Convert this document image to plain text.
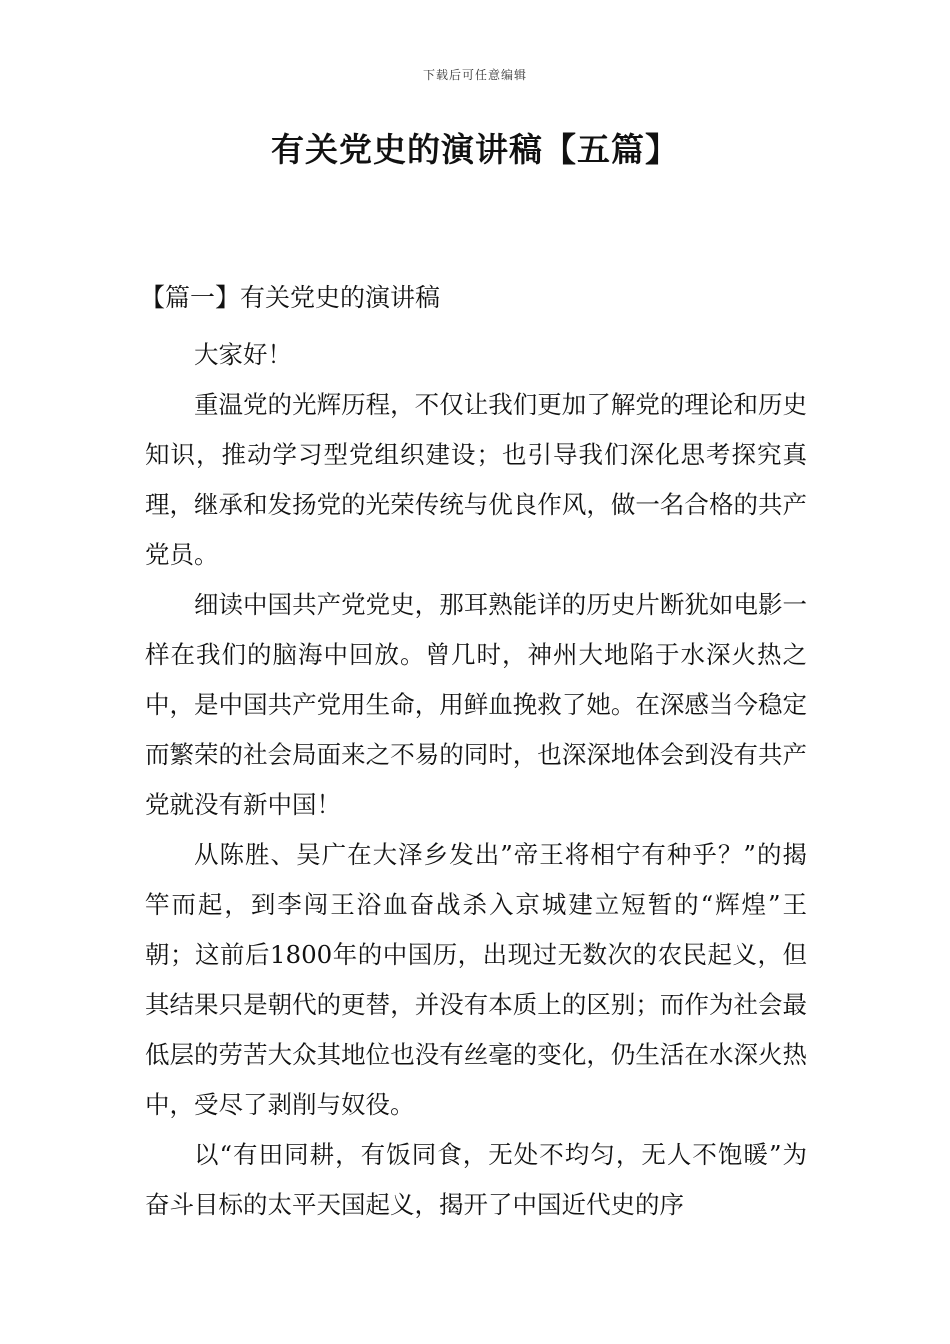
下载后可任意编辑
有关党史的演讲稿【五篇】
【篇一】有关党史的演讲稿

大家好！

重温党的光辉历程，不仅让我们更加了解党的理论和历史知识，推动学习型党组织建设；也引导我们深化思考探究真理，继承和发扬党的光荣传统与优良作风，做一名合格的共产党员。

细读中国共产党党史，那耳熟能详的历史片断犹如电影一样在我们的脑海中回放。曾几时，神州大地陷于水深火热之中，是中国共产党用生命，用鲜血挽救了她。在深感当今稳定而繁荣的社会局面来之不易的同时，也深深地体会到没有共产党就没有新中国！

从陈胜、吴广在大泽乡发出”帝王将相宁有种乎？”的揭竿而起，到李闯王浴血奋战杀入京城建立短暂的“辉煌”王朝；这前后1800年的中国历，出现过无数次的农民起义，但其结果只是朝代的更替，并没有本质上的区别；而作为社会最低层的劳苦大众其地位也没有丝毫的变化，仍生活在水深火热中，受尽了剥削与奴役。

以“有田同耕，有饭同食，无处不均匀，无人不饱暖”为奋斗目标的太平天国起义，揭开了中国近代史的序
